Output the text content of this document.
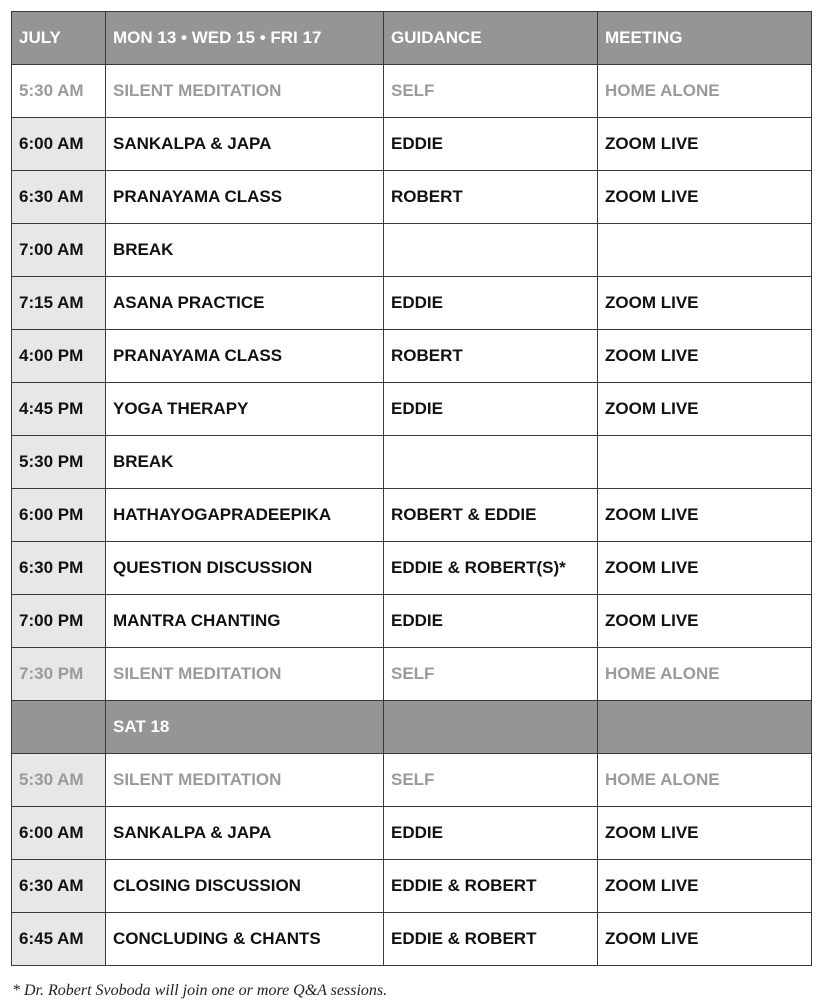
JULY	MON 13 • WED 15 • FRI 17	GUIDANCE	MEETING
5:30 AM	SILENT MEDITATION	SELF	HOME ALONE
6:00 AM	SANKALPA & JAPA	EDDIE	ZOOM LIVE
6:30 AM	PRANAYAMA CLASS	ROBERT	ZOOM LIVE
7:00 AM	BREAK		
7:15 AM	ASANA PRACTICE	EDDIE	ZOOM LIVE
4:00 PM	PRANAYAMA CLASS	ROBERT	ZOOM LIVE
4:45 PM	YOGA THERAPY	EDDIE	ZOOM LIVE
5:30 PM	BREAK		
6:00 PM	HATHAYOGAPRADEEPIKA	ROBERT & EDDIE	ZOOM LIVE
6:30 PM	QUESTION DISCUSSION	EDDIE & ROBERT(S)*	ZOOM LIVE
7:00 PM	MANTRA CHANTING	EDDIE	ZOOM LIVE
7:30 PM	SILENT MEDITATION	SELF	HOME ALONE
	SAT 18		
5:30 AM	SILENT MEDITATION	SELF	HOME ALONE
6:00 AM	SANKALPA & JAPA	EDDIE	ZOOM LIVE
6:30 AM	CLOSING DISCUSSION	EDDIE & ROBERT	ZOOM LIVE
6:45 AM	CONCLUDING & CHANTS	EDDIE & ROBERT	ZOOM LIVE
* Dr. Robert Svoboda will join one or more Q&A sessions.
